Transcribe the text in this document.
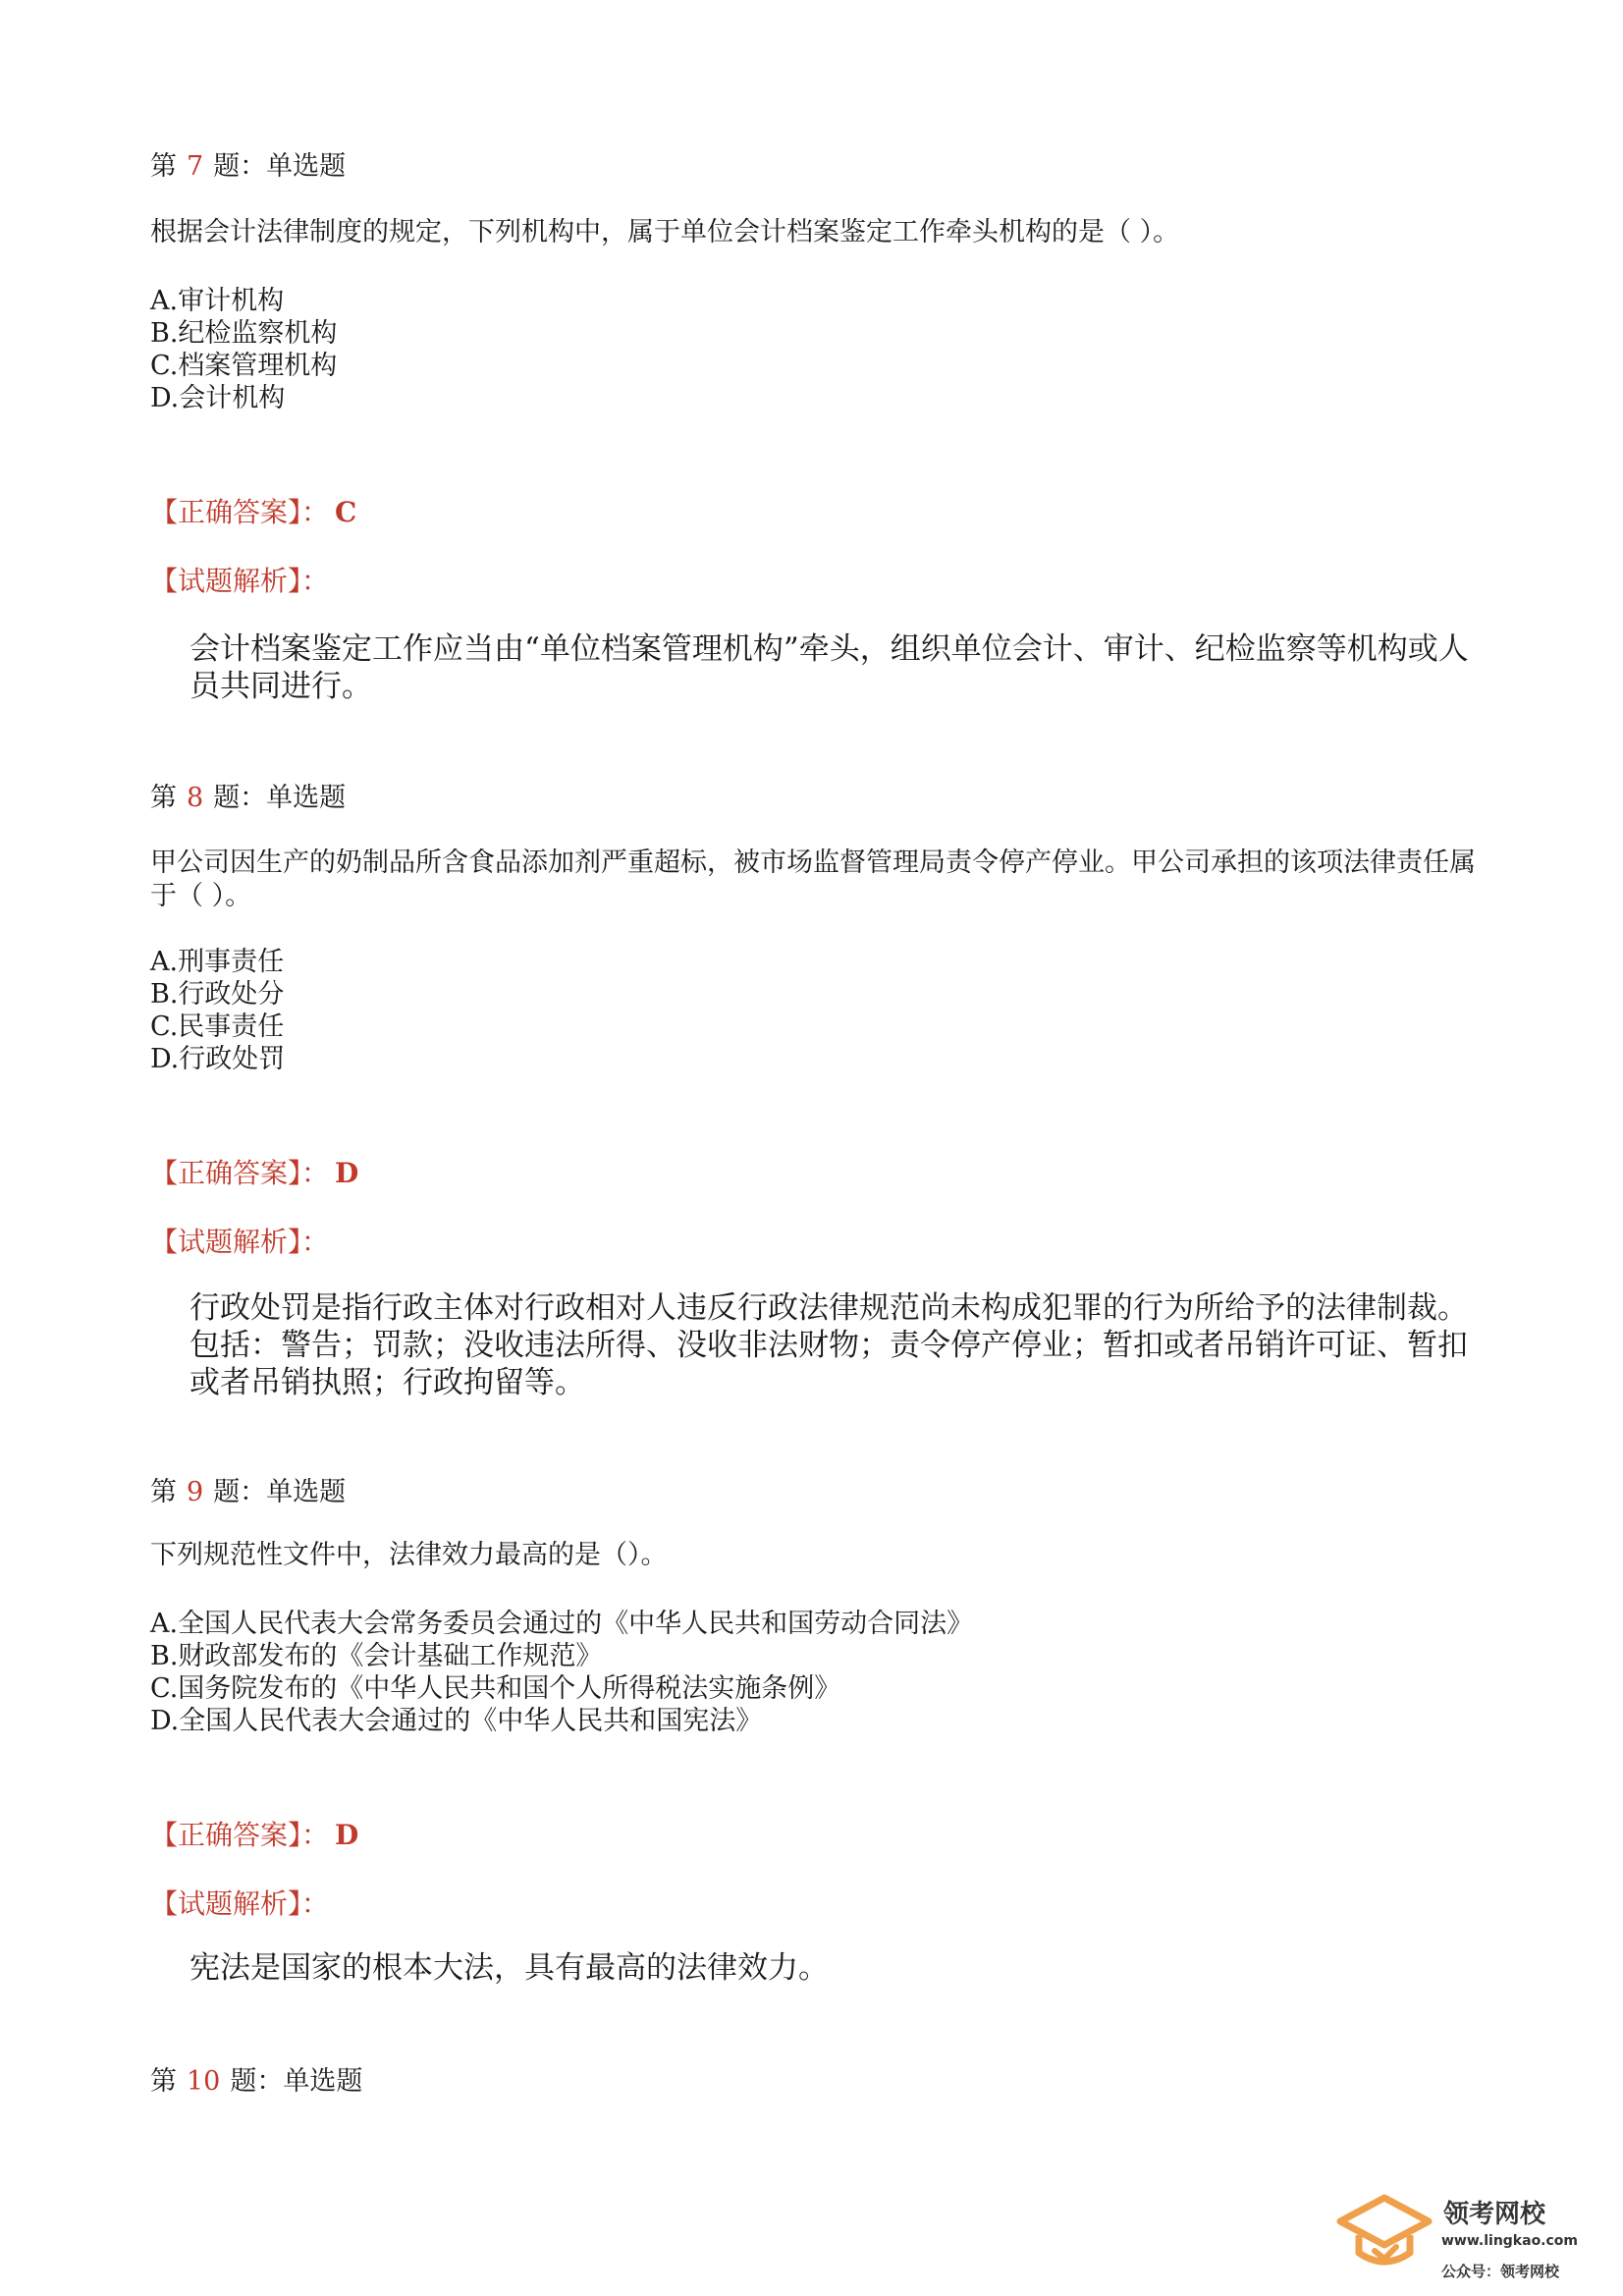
第 7 题：单选题
根据会计法律制度的规定，下列机构中，属于单位会计档案鉴定工作牵头机构的是（ ）。
A.审计机构
B.纪检监察机构
C.档案管理机构
D.会计机构
【正确答案】： C
【试题解析】：
会计档案鉴定工作应当由“单位档案管理机构”牵头，组织单位会计、审计、纪检监察等机构或人员共同进行。
第 8 题：单选题
甲公司因生产的奶制品所含食品添加剂严重超标，被市场监督管理局责令停产停业。甲公司承担的该项法律责任属于（ ）。
A.刑事责任
B.行政处分
C.民事责任
D.行政处罚
【正确答案】： D
【试题解析】：
行政处罚是指行政主体对行政相对人违反行政法律规范尚未构成犯罪的行为所给予的法律制裁。包括：警告；罚款；没收违法所得、没收非法财物；责令停产停业；暂扣或者吊销许可证、暂扣或者吊销执照；行政拘留等。
第 9 题：单选题
下列规范性文件中，法律效力最高的是（）。
A.全国人民代表大会常务委员会通过的《中华人民共和国劳动合同法》
B.财政部发布的《会计基础工作规范》
C.国务院发布的《中华人民共和国个人所得税法实施条例》
D.全国人民代表大会通过的《中华人民共和国宪法》
【正确答案】： D
【试题解析】：
宪法是国家的根本大法，具有最高的法律效力。
第 10 题：单选题
领考网校
www.lingkao.com
公众号：领考网校
